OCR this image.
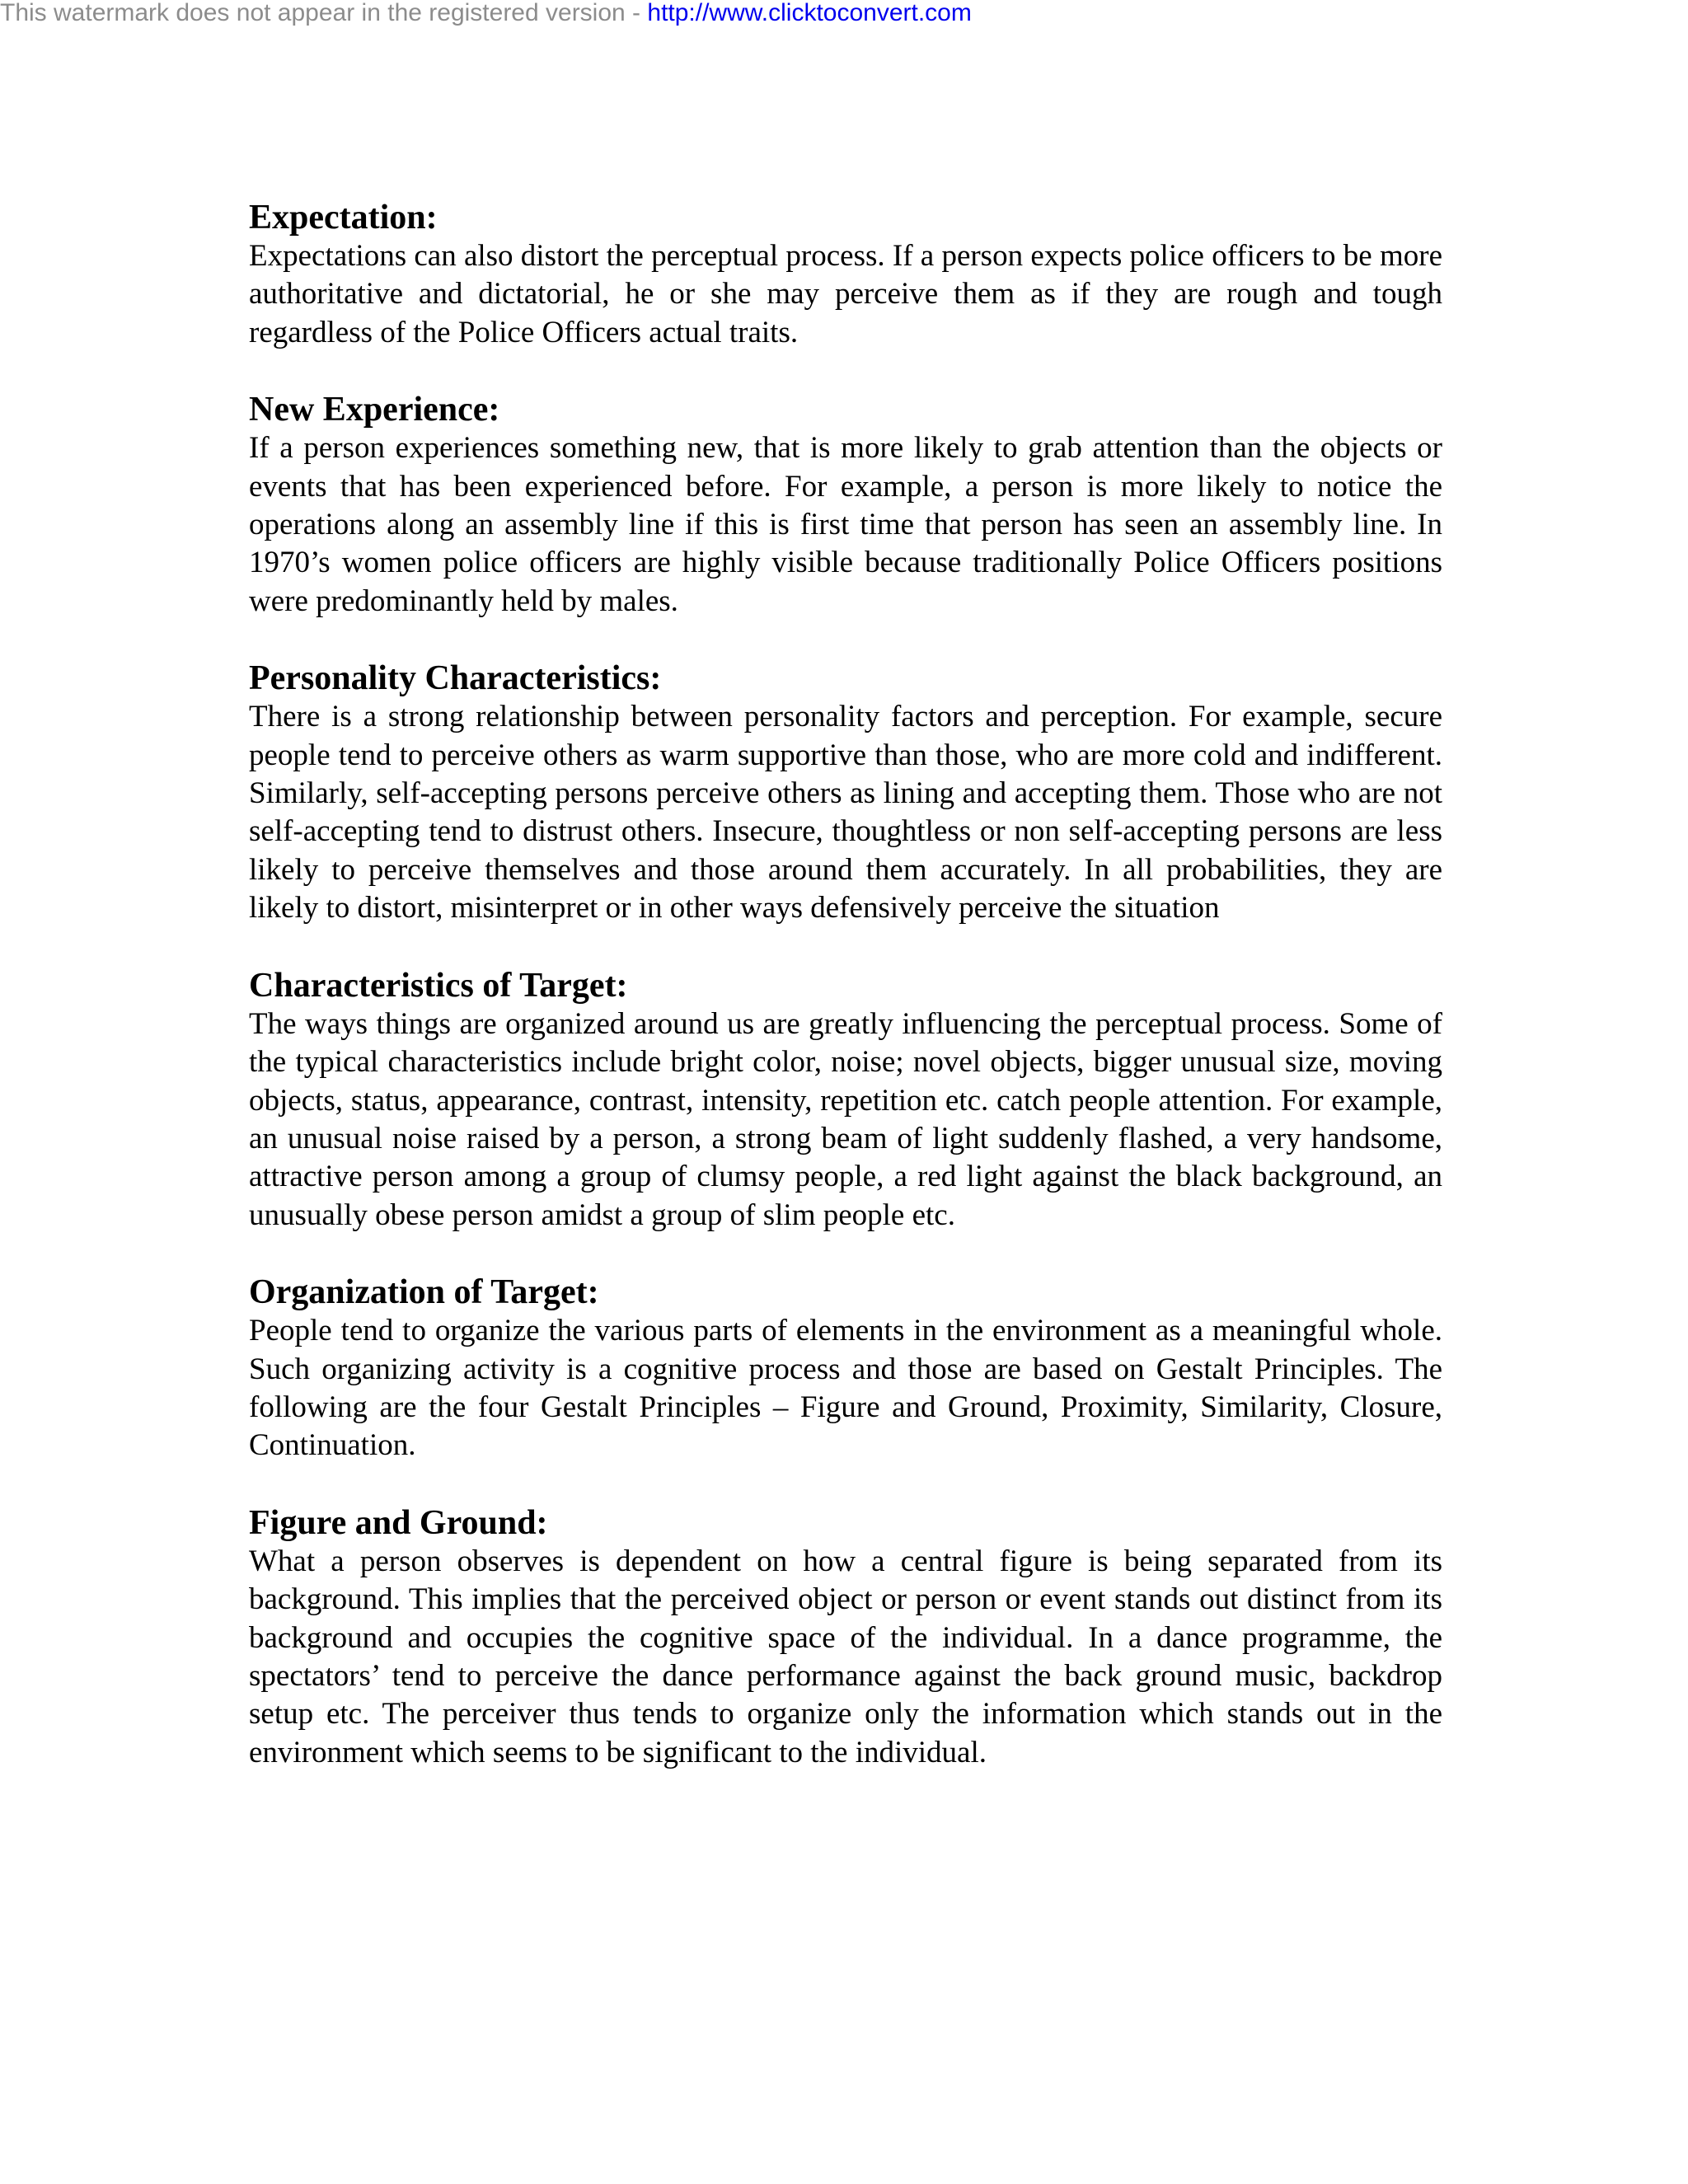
This watermark does not appear in the registered version - http://www.clicktoconvert.com
Expectation:

Expectations can also distort the perceptual process. If a person expects police officers to be more authoritative and dictatorial, he or she may perceive them as if they are rough and tough regardless of the Police Officers actual traits.

New Experience:

If a person experiences something new, that is more likely to grab attention than the objects or events that has been experienced before. For example, a person is more likely to notice the operations along an assembly line if this is first time that person has seen an assembly line. In 1970’s women police officers are highly visible because traditionally Police Officers positions were predominantly held by males.

Personality Characteristics:

There is a strong relationship between personality factors and perception. For example, secure people tend to perceive others as warm supportive than those, who are more cold and indifferent. Similarly, self-accepting persons perceive others as lining and accepting them. Those who are not self-accepting tend to distrust others. Insecure, thoughtless or non self-accepting persons are less likely to perceive themselves and those around them accurately. In all probabilities, they are likely to distort, misinterpret or in other ways defensively perceive the situation

Characteristics of Target:

The ways things are organized around us are greatly influencing the perceptual process. Some of the typical characteristics include bright color, noise; novel objects, bigger unusual size, moving objects, status, appearance, contrast, intensity, repetition etc. catch people attention. For example, an unusual noise raised by a person, a strong beam of light suddenly flashed, a very handsome, attractive person among a group of clumsy people, a red light against the black background, an unusually obese person amidst a group of slim people etc.

Organization of Target:

People tend to organize the various parts of elements in the environment as a meaningful whole. Such organizing activity is a cognitive process and those are based on Gestalt Principles. The following are the four Gestalt Principles – Figure and Ground, Proximity, Similarity, Closure, Continuation.

Figure and Ground:

What a person observes is dependent on how a central figure is being separated from its background. This implies that the perceived object or person or event stands out distinct from its background and occupies the cognitive space of the individual. In a dance programme, the spectators’ tend to perceive the dance performance against the back ground music, backdrop setup etc. The perceiver thus tends to organize only the information which stands out in the environment which seems to be significant to the individual.
